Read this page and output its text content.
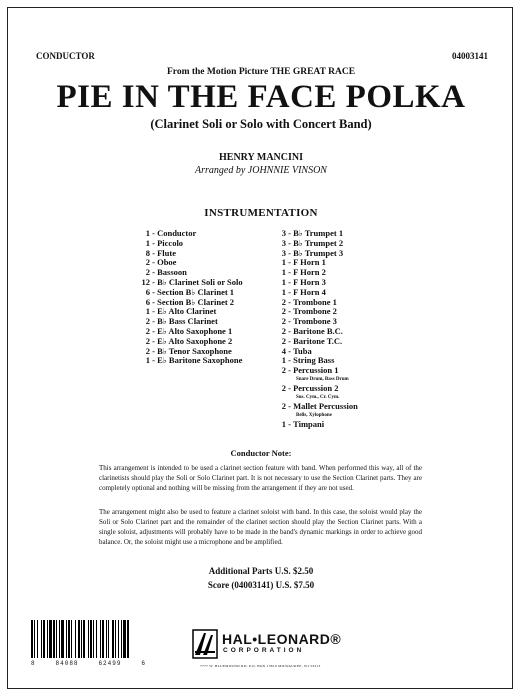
CONDUCTOR	04003141
From the Motion Picture THE GREAT RACE
PIE IN THE FACE POLKA
(Clarinet Soli or Solo with Concert Band)
HENRY MANCINI
Arranged by JOHNNIE VINSON
INSTRUMENTATION
1 - Conductor
1 - Piccolo
8 - Flute
2 - Oboe
2 - Bassoon
12 - B♭ Clarinet Soli or Solo
6 - Section B♭ Clarinet 1
6 - Section B♭ Clarinet 2
1 - E♭ Alto Clarinet
2 - B♭ Bass Clarinet
2 - E♭ Alto Saxophone 1
2 - E♭ Alto Saxophone 2
2 - B♭ Tenor Saxophone
1 - E♭ Baritone Saxophone
3 - B♭ Trumpet 1
3 - B♭ Trumpet 2
3 - B♭ Trumpet 3
1 - F Horn 1
1 - F Horn 2
1 - F Horn 3
1 - F Horn 4
2 - Trombone 1
2 - Trombone 2
2 - Trombone 3
2 - Baritone B.C.
2 - Baritone T.C.
4 - Tuba
1 - String Bass
2 - Percussion 1
Snare Drum, Bass Drum
2 - Percussion 2
Sus. Cym., Cr. Cym.
2 - Mallet Percussion
Bells, Xylophone
1 - Timpani
Conductor Note:
This arrangement is intended to be used a clarinet section feature with band. When performed this way, all of the clarinetists should play the Soli or Solo Clarinet part. It is not necessary to use the Section Clarinet parts. They are completely optional and nothing will be missing from the arrangement if they are not used.
The arrangement might also be used to feature a clarinet soloist with band. In this case, the soloist would play the Soli or Solo Clarinet part and the remainder of the clarinet section should play the Section Clarinet parts. With a single soloist, adjustments will probably have to be made in the band's dynamic markings in order to achieve good balance. Or, the soloist might use a microphone and be amplified.
Additional Parts U.S. $2.50
Score (04003141) U.S. $7.50
8	84088	62499	6
HAL•LEONARD®
CORPORATION
7777 W. BLUEMOUND RD. P.O. BOX 13819 MILWAUKEE, WI 53213
